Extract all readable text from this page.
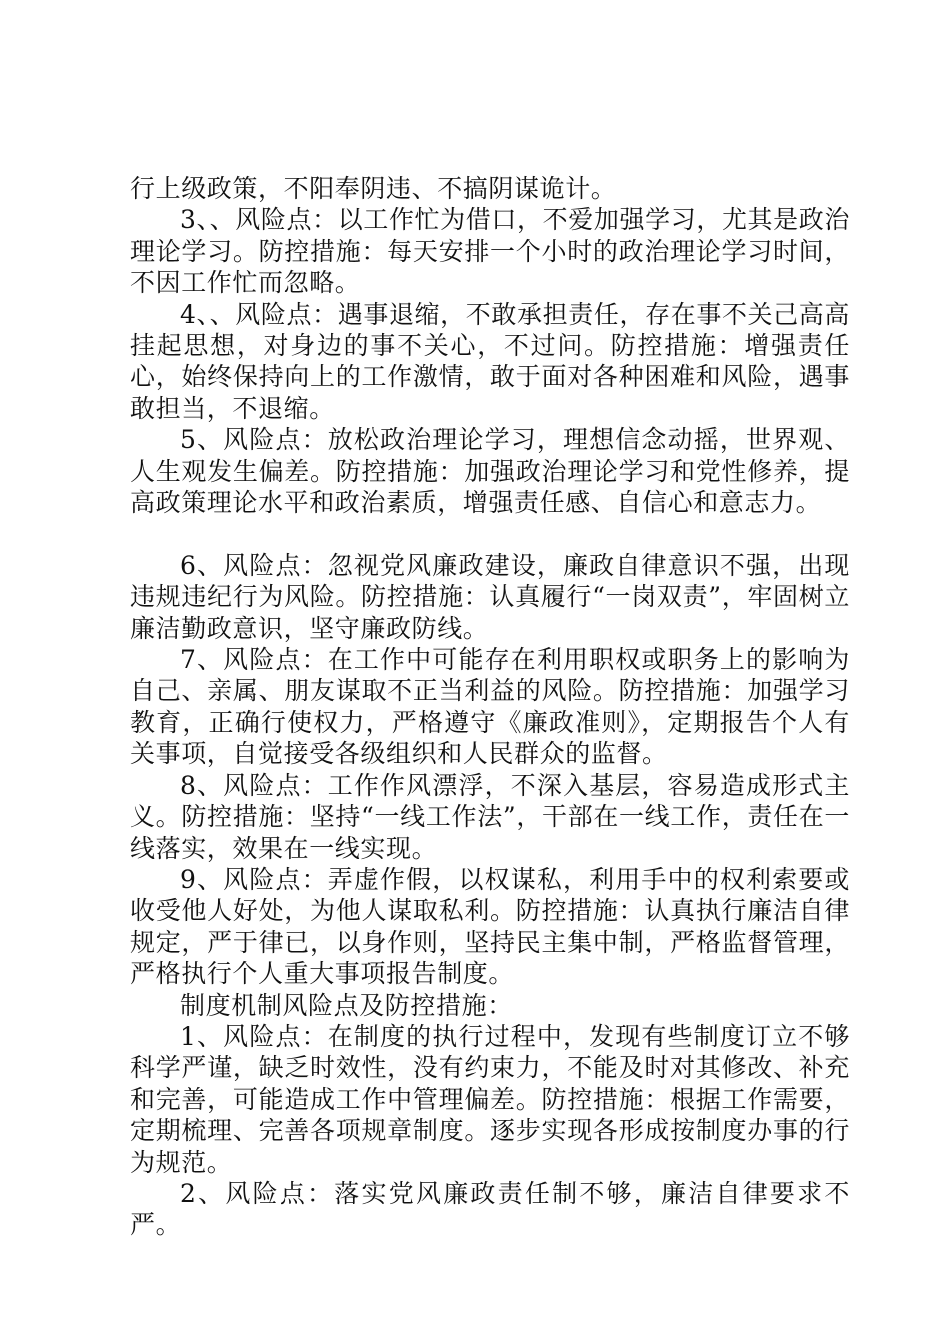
行上级政策，不阳奉阴违、不搞阴谋诡计。

3、、风险点：以工作忙为借口，不爱加强学习，尤其是政治理论学习。防控措施：每天安排一个小时的政治理论学习时间，不因工作忙而忽略。

4、、风险点：遇事退缩，不敢承担责任，存在事不关己高高挂起思想，对身边的事不关心，不过问。防控措施：增强责任心，始终保持向上的工作激情，敢于面对各种困难和风险，遇事敢担当，不退缩。

5、风险点：放松政治理论学习，理想信念动摇，世界观、人生观发生偏差。防控措施：加强政治理论学习和党性修养，提高政策理论水平和政治素质，增强责任感、自信心和意志力。

6、风险点：忽视党风廉政建设，廉政自律意识不强，出现违规违纪行为风险。防控措施：认真履行“一岗双责”，牢固树立廉洁勤政意识，坚守廉政防线。

7、风险点：在工作中可能存在利用职权或职务上的影响为自己、亲属、朋友谋取不正当利益的风险。防控措施：加强学习教育，正确行使权力，严格遵守《廉政准则》，定期报告个人有关事项，自觉接受各级组织和人民群众的监督。

8、风险点：工作作风漂浮，不深入基层，容易造成形式主义。防控措施：坚持“一线工作法”，干部在一线工作，责任在一线落实，效果在一线实现。

9、风险点：弄虚作假，以权谋私，利用手中的权利索要或收受他人好处，为他人谋取私利。防控措施：认真执行廉洁自律规定，严于律已，以身作则，坚持民主集中制，严格监督管理，严格执行个人重大事项报告制度。

制度机制风险点及防控措施：

1、风险点：在制度的执行过程中，发现有些制度订立不够科学严谨，缺乏时效性，没有约束力，不能及时对其修改、补充和完善，可能造成工作中管理偏差。防控措施：根据工作需要，定期梳理、完善各项规章制度。逐步实现各形成按制度办事的行为规范。

2、风险点：落实党风廉政责任制不够，廉洁自律要求不严。
